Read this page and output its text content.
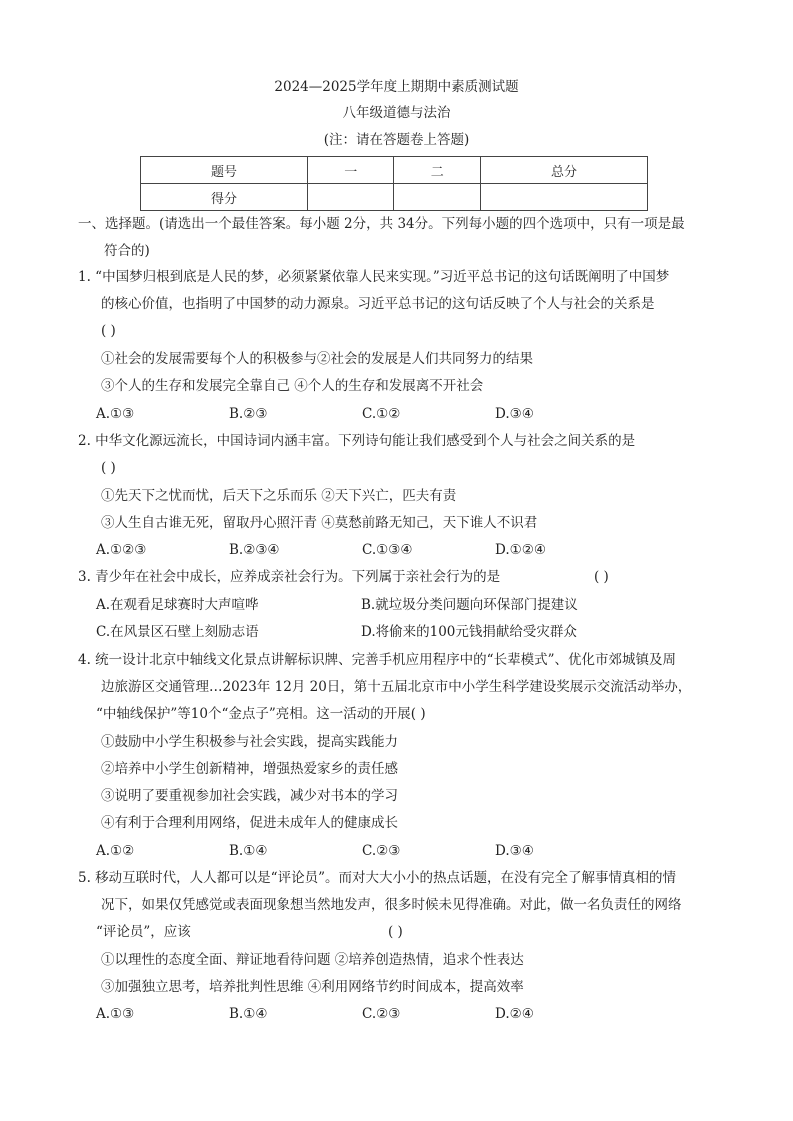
2024—2025学年度上期期中素质测试题
八年级道德与法治
(注：请在答题卷上答题)
题号	一	二	总分
得分			
一、选择题。(请选出一个最佳答案。每小题 2分，共 34分。下列每小题的四个选项中，只有一项是最
符合的)
1. “中国梦归根到底是人民的梦，必须紧紧依靠人民来实现。”习近平总书记的这句话既阐明了中国梦
的核心价值，也指明了中国梦的动力源泉。习近平总书记的这句话反映了个人与社会的关系是
( )
①社会的发展需要每个人的积极参与②社会的发展是人们共同努力的结果
③个人的生存和发展完全靠自己 ④个人的生存和发展离不开社会
A.①③	B.②③	C.①②	D.③④
2. 中华文化源远流长，中国诗词内涵丰富。下列诗句能让我们感受到个人与社会之间关系的是
( )
①先天下之忧而忧，后天下之乐而乐 ②天下兴亡，匹夫有责
③人生自古谁无死，留取丹心照汗青 ④莫愁前路无知己，天下谁人不识君
A.①②③	B.②③④	C.①③④	D.①②④
3. 青少年在社会中成长，应养成亲社会行为。下列属于亲社会行为的是	( )
A.在观看足球赛时大声喧哗	B.就垃圾分类问题向环保部门提建议
C.在风景区石壁上刻励志语	D.将偷来的100元钱捐献给受灾群众
4. 统一设计北京中轴线文化景点讲解标识牌、完善手机应用程序中的“长辈模式”、优化市郊城镇及周
边旅游区交通管理…2023年 12月 20日，第十五届北京市中小学生科学建设奖展示交流活动举办，
“中轴线保护”等10个“金点子”亮相。这一活动的开展( )
①鼓励中小学生积极参与社会实践，提高实践能力
②培养中小学生创新精神，增强热爱家乡的责任感
③说明了要重视参加社会实践，减少对书本的学习
④有利于合理利用网络，促进未成年人的健康成长
A.①②	B.①④	C.②③	D.③④
5. 移动互联时代，人人都可以是“评论员”。而对大大小小的热点话题，在没有完全了解事情真相的情
况下，如果仅凭感觉或表面现象想当然地发声，很多时候未见得准确。对此，做一名负责任的网络
“评论员”，应该	( )
①以理性的态度全面、辩证地看待问题 ②培养创造热情，追求个性表达
③加强独立思考，培养批判性思维 ④利用网络节约时间成本，提高效率
A.①③	B.①④	C.②③	D.②④
